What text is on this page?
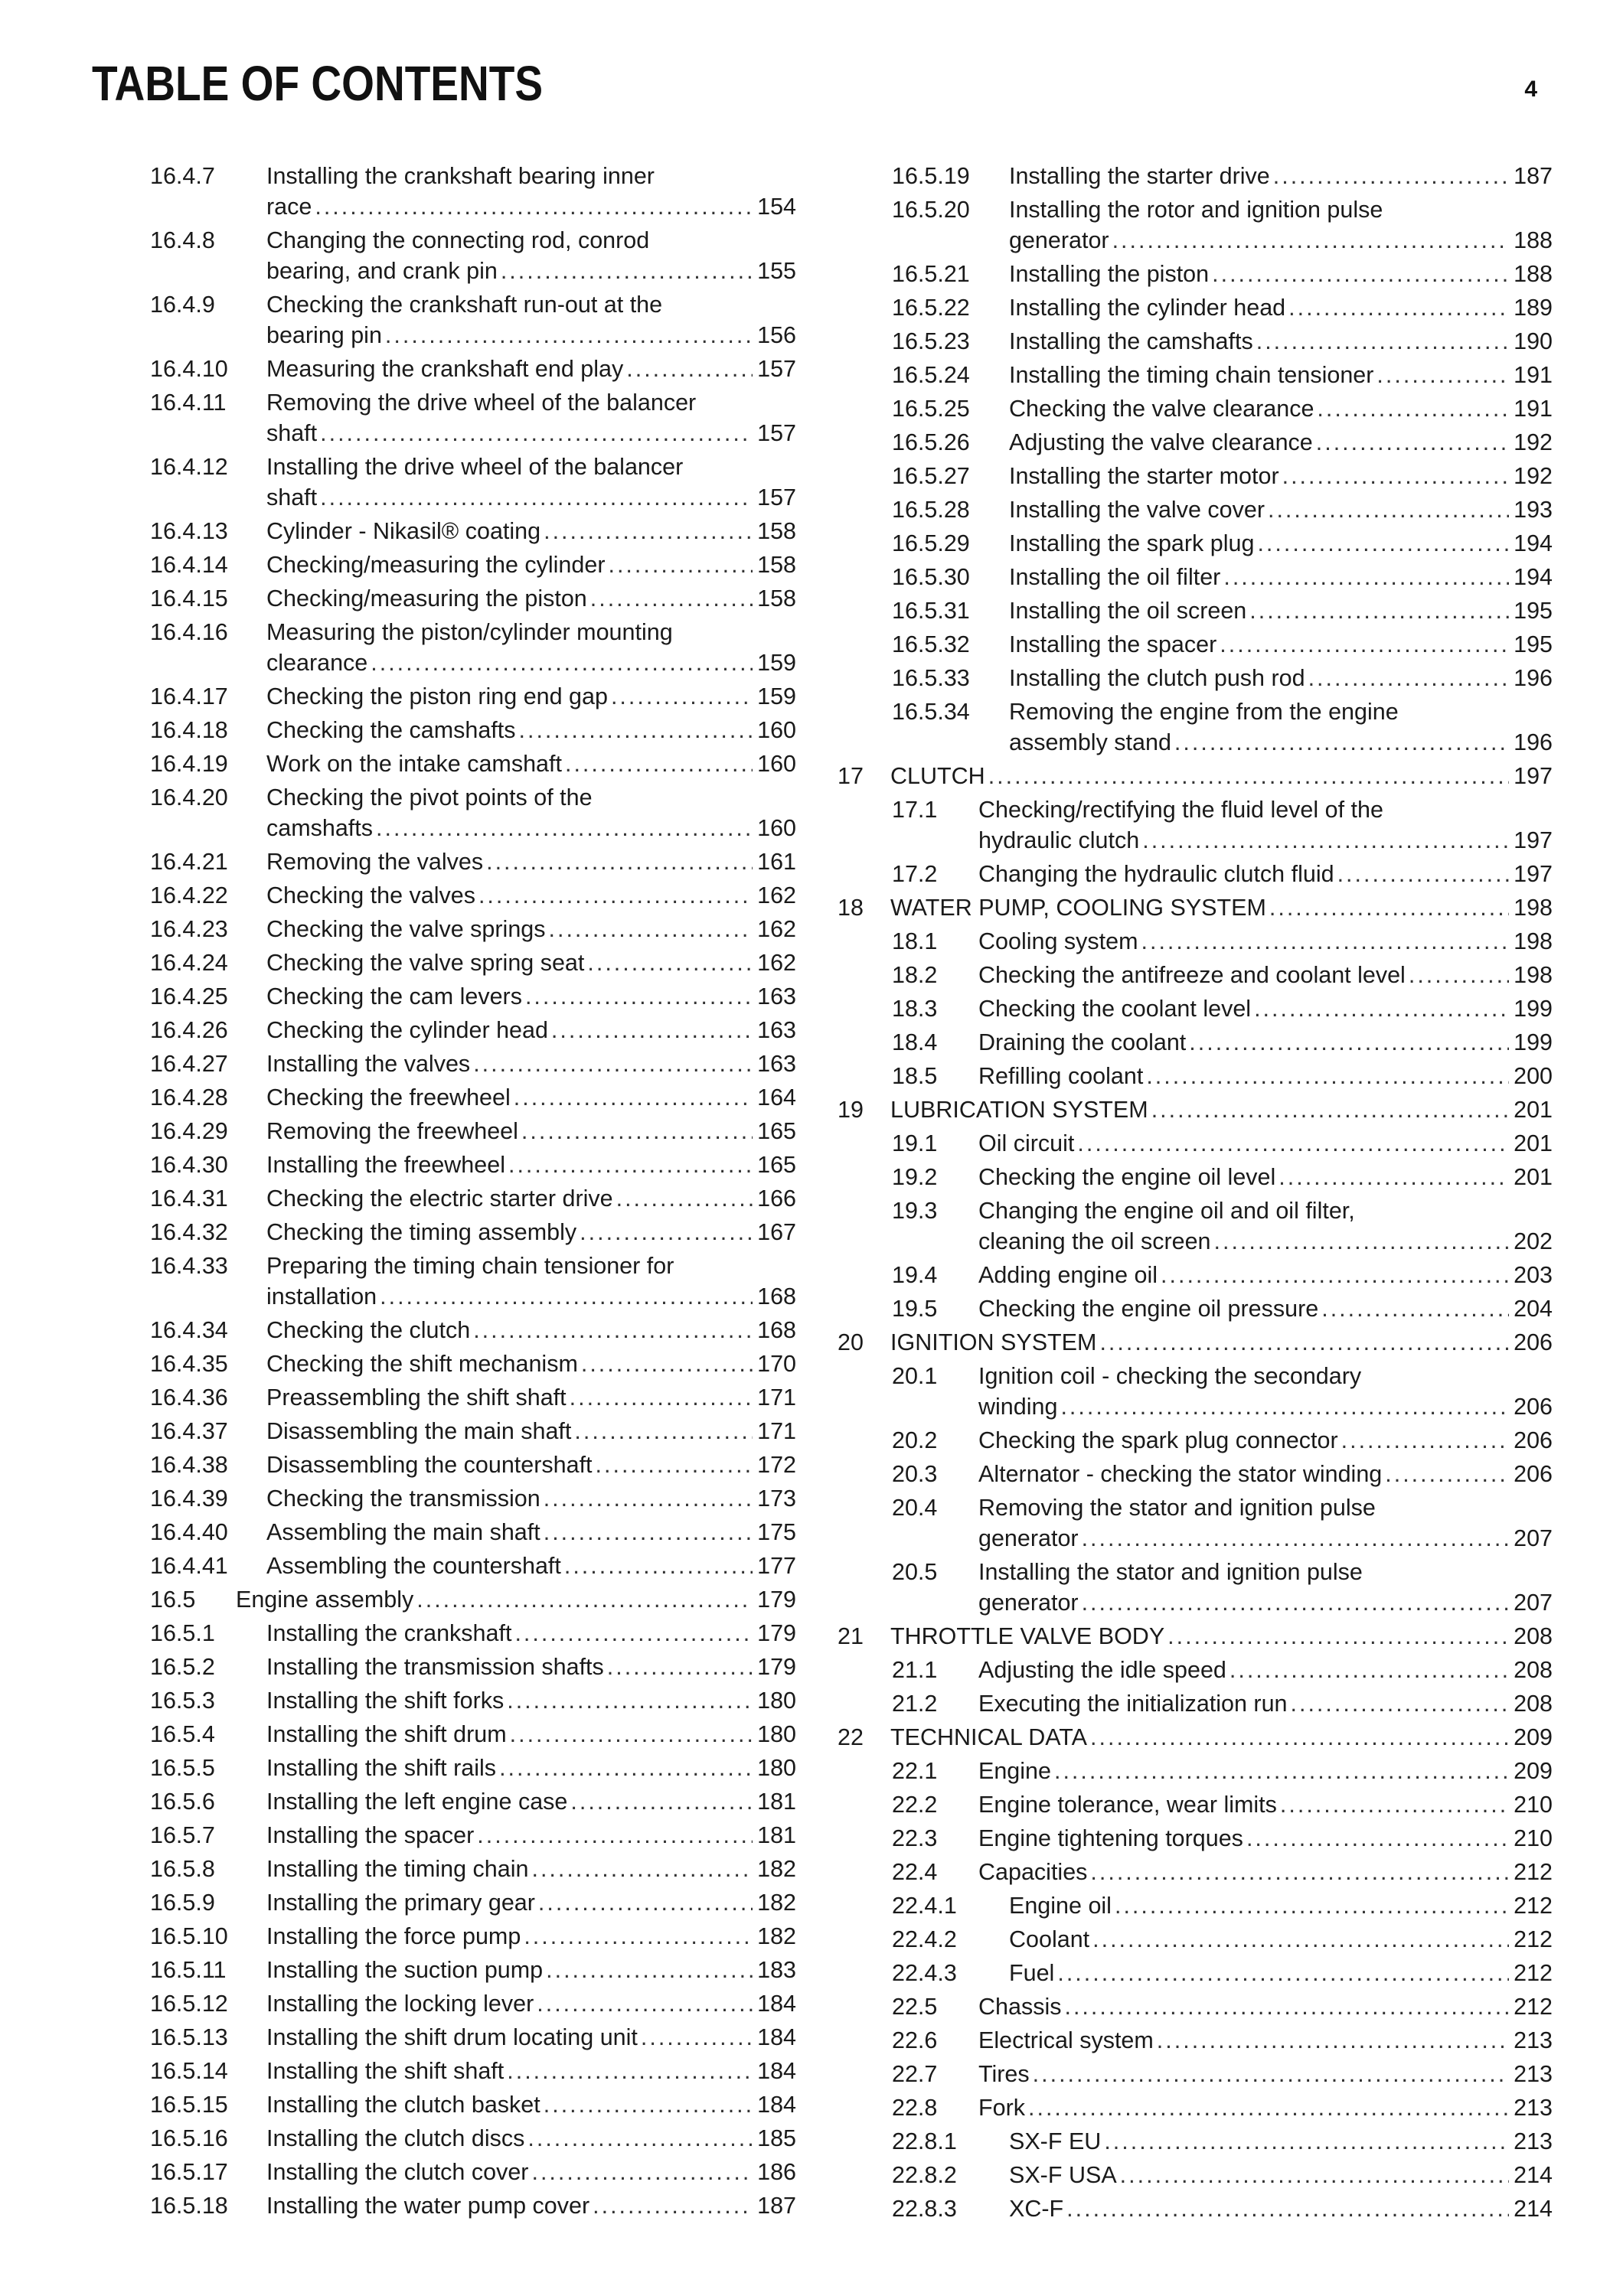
TABLE OF CONTENTS	4
16.4.7 Installing the crankshaft bearing inner
race .....	154
16.4.8 Changing the connecting rod, conrod
bearing, and crank pin .....	155
16.4.9 Checking the crankshaft run-out at the
bearing pin .....	156
16.4.10 Measuring the crankshaft end play .....	157
16.4.11 Removing the drive wheel of the balancer
shaft .....	157
16.4.12 Installing the drive wheel of the balancer
shaft .....	157
16.4.13 Cylinder - Nikasil® coating .....	158
16.4.14 Checking/measuring the cylinder .....	158
16.4.15 Checking/measuring the piston .....	158
16.4.16 Measuring the piston/cylinder mounting
clearance .....	159
16.4.17 Checking the piston ring end gap .....	159
16.4.18 Checking the camshafts .....	160
16.4.19 Work on the intake camshaft .....	160
16.4.20 Checking the pivot points of the
camshafts .....	160
16.4.21 Removing the valves .....	161
16.4.22 Checking the valves .....	162
16.4.23 Checking the valve springs .....	162
16.4.24 Checking the valve spring seat .....	162
16.4.25 Checking the cam levers .....	163
16.4.26 Checking the cylinder head .....	163
16.4.27 Installing the valves .....	163
16.4.28 Checking the freewheel .....	164
16.4.29 Removing the freewheel .....	165
16.4.30 Installing the freewheel .....	165
16.4.31 Checking the electric starter drive .....	166
16.4.32 Checking the timing assembly .....	167
16.4.33 Preparing the timing chain tensioner for
installation .....	168
16.4.34 Checking the clutch .....	168
16.4.35 Checking the shift mechanism .....	170
16.4.36 Preassembling the shift shaft .....	171
16.4.37 Disassembling the main shaft .....	171
16.4.38 Disassembling the countershaft .....	172
16.4.39 Checking the transmission .....	173
16.4.40 Assembling the main shaft .....	175
16.4.41 Assembling the countershaft .....	177
16.5 Engine assembly .....	179
16.5.1 Installing the crankshaft .....	179
16.5.2 Installing the transmission shafts .....	179
16.5.3 Installing the shift forks .....	180
16.5.4 Installing the shift drum .....	180
16.5.5 Installing the shift rails .....	180
16.5.6 Installing the left engine case .....	181
16.5.7 Installing the spacer .....	181
16.5.8 Installing the timing chain .....	182
16.5.9 Installing the primary gear .....	182
16.5.10 Installing the force pump .....	182
16.5.11 Installing the suction pump .....	183
16.5.12 Installing the locking lever .....	184
16.5.13 Installing the shift drum locating unit .....	184
16.5.14 Installing the shift shaft .....	184
16.5.15 Installing the clutch basket .....	184
16.5.16 Installing the clutch discs .....	185
16.5.17 Installing the clutch cover .....	186
16.5.18 Installing the water pump cover .....	187
16.5.19 Installing the starter drive .....	187
16.5.20 Installing the rotor and ignition pulse
generator .....	188
16.5.21 Installing the piston .....	188
16.5.22 Installing the cylinder head .....	189
16.5.23 Installing the camshafts .....	190
16.5.24 Installing the timing chain tensioner .....	191
16.5.25 Checking the valve clearance .....	191
16.5.26 Adjusting the valve clearance .....	192
16.5.27 Installing the starter motor .....	192
16.5.28 Installing the valve cover .....	193
16.5.29 Installing the spark plug .....	194
16.5.30 Installing the oil filter .....	194
16.5.31 Installing the oil screen .....	195
16.5.32 Installing the spacer .....	195
16.5.33 Installing the clutch push rod .....	196
16.5.34 Removing the engine from the engine
assembly stand .....	196
17 CLUTCH .....	197
17.1 Checking/rectifying the fluid level of the
hydraulic clutch .....	197
17.2 Changing the hydraulic clutch fluid .....	197
18 WATER PUMP, COOLING SYSTEM .....	198
18.1 Cooling system .....	198
18.2 Checking the antifreeze and coolant level .....	198
18.3 Checking the coolant level .....	199
18.4 Draining the coolant .....	199
18.5 Refilling coolant .....	200
19 LUBRICATION SYSTEM .....	201
19.1 Oil circuit .....	201
19.2 Checking the engine oil level .....	201
19.3 Changing the engine oil and oil filter,
cleaning the oil screen .....	202
19.4 Adding engine oil .....	203
19.5 Checking the engine oil pressure .....	204
20 IGNITION SYSTEM .....	206
20.1 Ignition coil - checking the secondary
winding .....	206
20.2 Checking the spark plug connector .....	206
20.3 Alternator - checking the stator winding .....	206
20.4 Removing the stator and ignition pulse
generator .....	207
20.5 Installing the stator and ignition pulse
generator .....	207
21 THROTTLE VALVE BODY .....	208
21.1 Adjusting the idle speed .....	208
21.2 Executing the initialization run .....	208
22 TECHNICAL DATA .....	209
22.1 Engine .....	209
22.2 Engine tolerance, wear limits .....	210
22.3 Engine tightening torques .....	210
22.4 Capacities .....	212
22.4.1 Engine oil .....	212
22.4.2 Coolant .....	212
22.4.3 Fuel .....	212
22.5 Chassis .....	212
22.6 Electrical system .....	213
22.7 Tires .....	213
22.8 Fork .....	213
22.8.1 SX-F EU .....	213
22.8.2 SX-F USA .....	214
22.8.3 XC-F .....	214
